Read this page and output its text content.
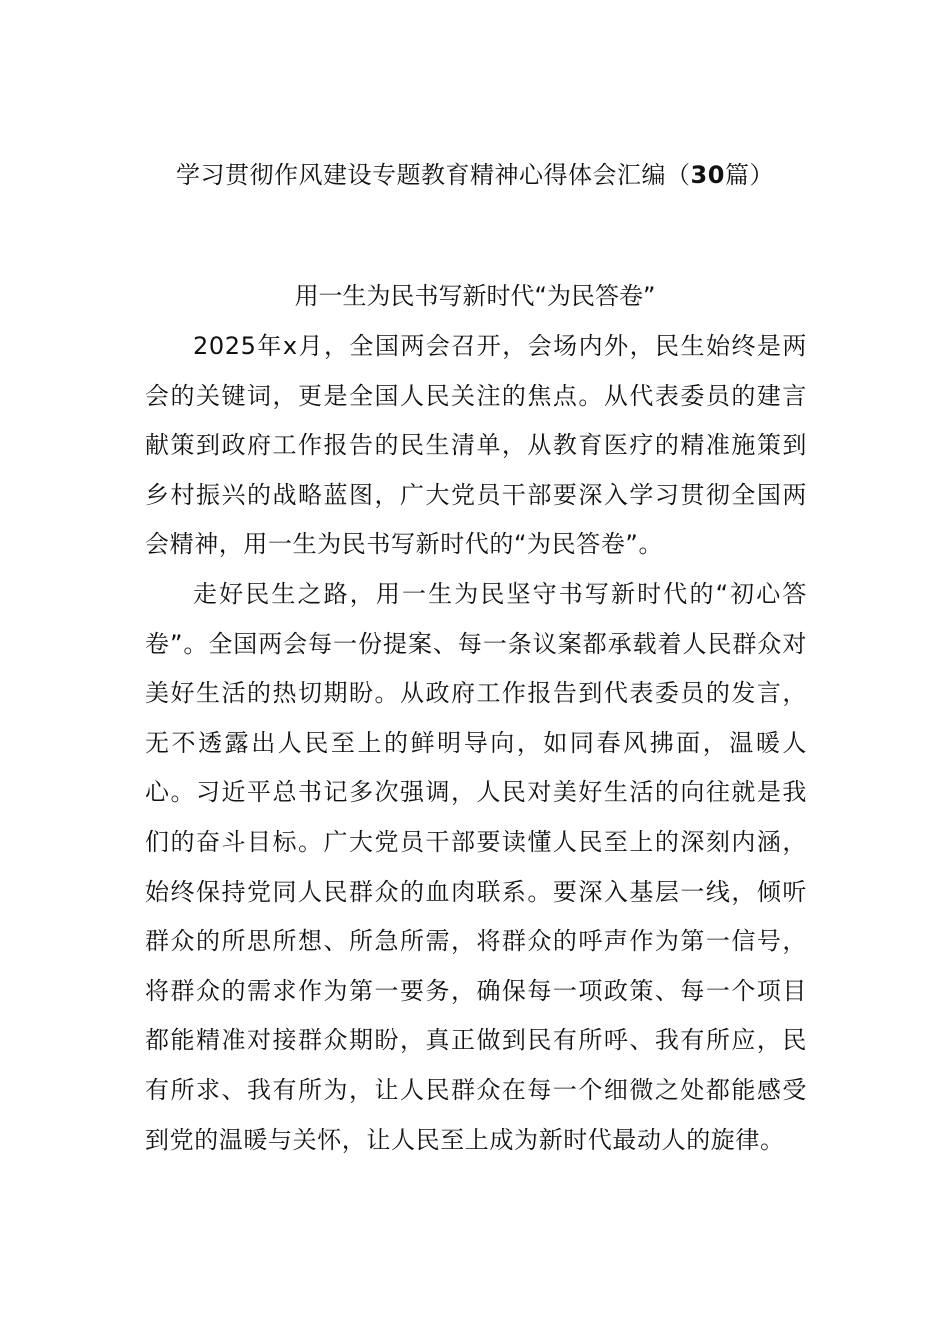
学习贯彻作风建设专题教育精神心得体会汇编（30篇）
用一生为民书写新时代“为民答卷”

2025年x月，全国两会召开，会场内外，民生始终是两会的关键词，更是全国人民关注的焦点。从代表委员的建言献策到政府工作报告的民生清单，从教育医疗的精准施策到乡村振兴的战略蓝图，广大党员干部要深入学习贯彻全国两会精神，用一生为民书写新时代的“为民答卷”。

走好民生之路，用一生为民坚守书写新时代的“初心答卷”。全国两会每一份提案、每一条议案都承载着人民群众对美好生活的热切期盼。从政府工作报告到代表委员的发言，无不透露出人民至上的鲜明导向，如同春风拂面，温暖人心。习近平总书记多次强调，人民对美好生活的向往就是我们的奋斗目标。广大党员干部要读懂人民至上的深刻内涵，始终保持党同人民群众的血肉联系。要深入基层一线，倾听群众的所思所想、所急所需，将群众的呼声作为第一信号，将群众的需求作为第一要务，确保每一项政策、每一个项目都能精准对接群众期盼，真正做到民有所呼、我有所应，民有所求、我有所为，让人民群众在每一个细微之处都能感受到党的温暖与关怀，让人民至上成为新时代最动人的旋律。
